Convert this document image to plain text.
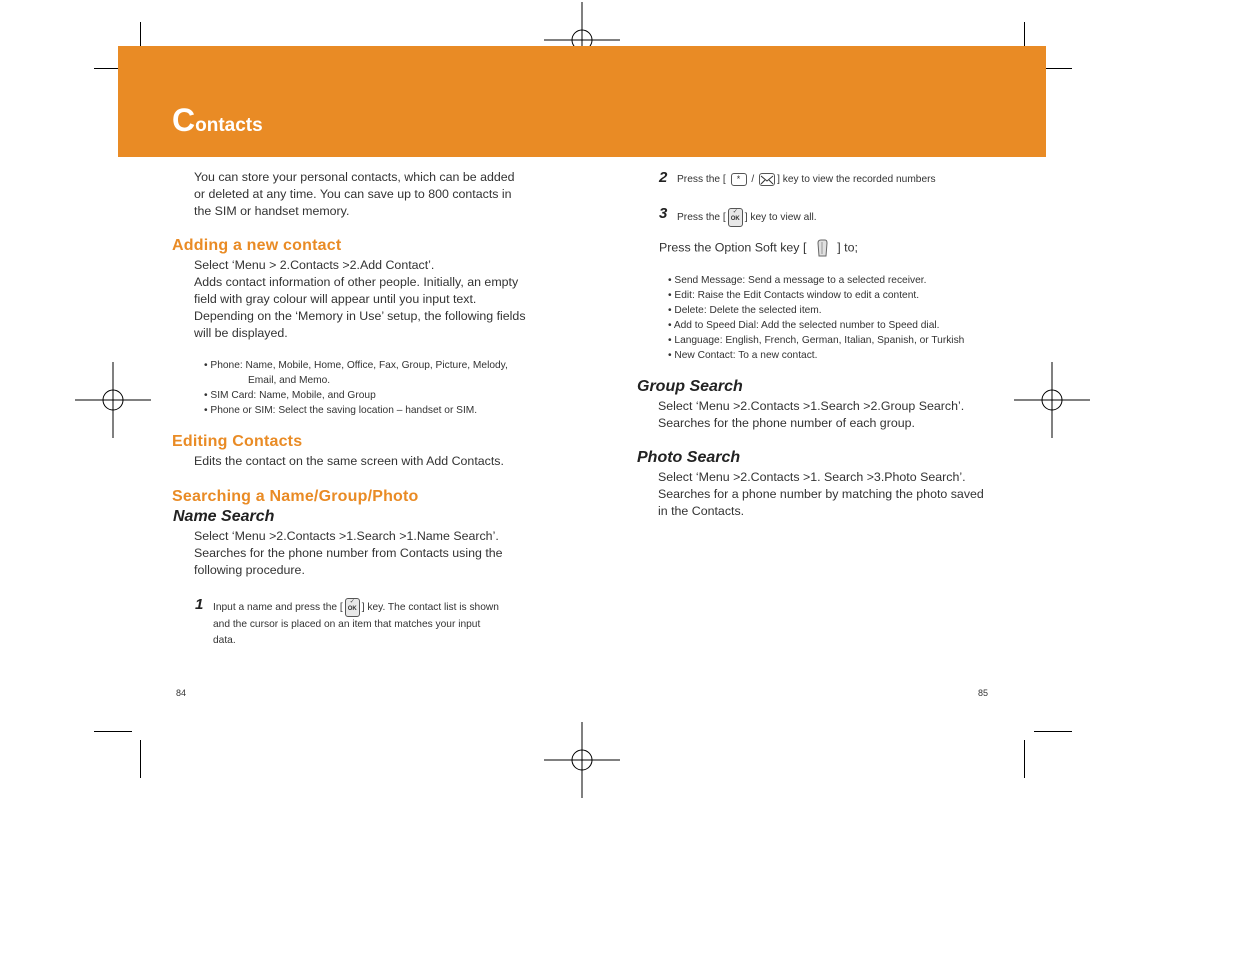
Contacts
You can store your personal contacts, which can be added
or deleted at any time. You can save up to 800 contacts in
the SIM or handset memory.
Adding a new contact
Select ‘Menu > 2.Contacts >2.Add Contact’.
Adds contact information of other people. Initially, an empty
field with gray colour will appear until you input text.
Depending on the ‘Memory in Use’ setup, the following fields
will be displayed.
• Phone: Name, Mobile, Home, Office, Fax, Group, Picture, Melody,
Email, and Memo.
• SIM Card: Name, Mobile, and Group
• Phone or SIM: Select the saving location – handset or SIM.
Editing Contacts
Edits the contact on the same screen with Add Contacts.
Searching a Name/Group/Photo
Name Search
Select ‘Menu >2.Contacts >1.Search >1.Name Search’.
Searches for the phone number from Contacts using the
following procedure.
1 Input a name and press the [✓
OK ] key. The contact list is shown
and the cursor is placed on an item that matches your input
data.
84
2 Press the [ * / ] key to view the recorded numbers
3 Press the [✓
OK ] key to view all.
Press the Option Soft key [ ] to;
• Send Message: Send a message to a selected receiver.
• Edit: Raise the Edit Contacts window to edit a content.
• Delete: Delete the selected item.
• Add to Speed Dial: Add the selected number to Speed dial.
• Language: English, French, German, Italian, Spanish, or Turkish
• New Contact: To a new contact.
Group Search
Select ‘Menu >2.Contacts >1.Search >2.Group Search’.
Searches for the phone number of each group.
Photo Search
Select ‘Menu >2.Contacts >1. Search >3.Photo Search’.
Searches for a phone number by matching the photo saved
in the Contacts.
85
